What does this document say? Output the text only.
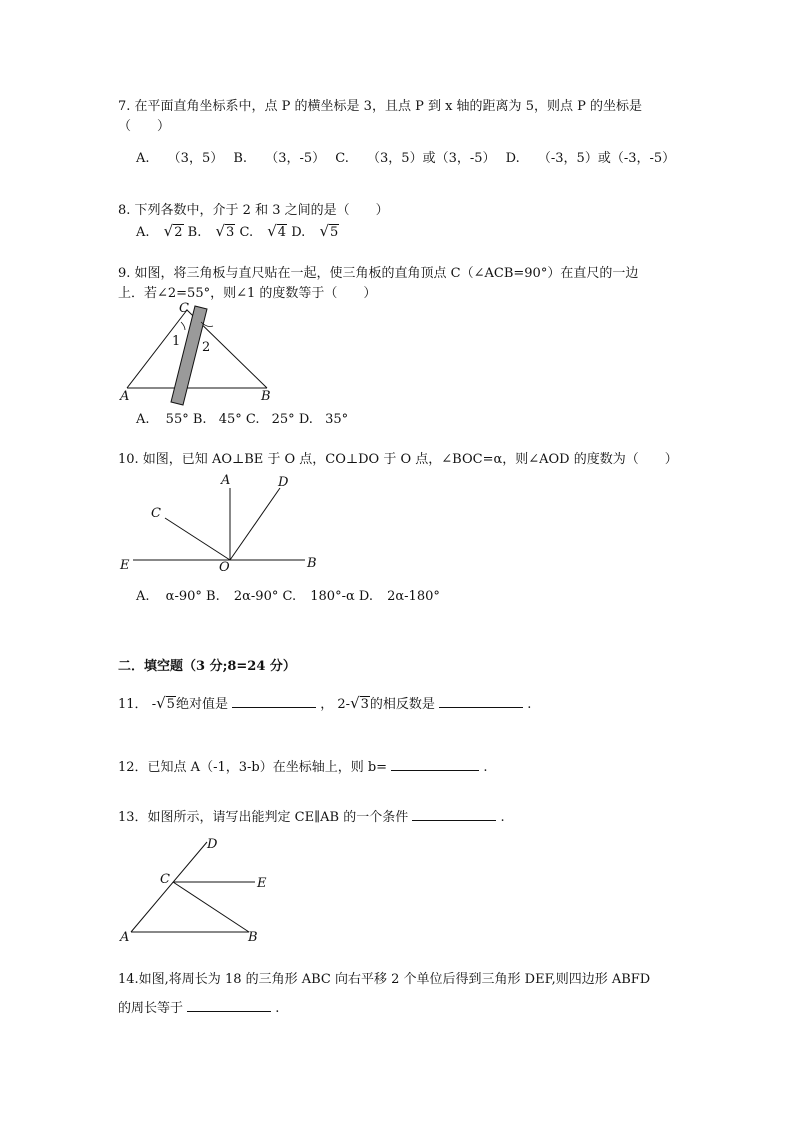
7. 在平面直角坐标系中，点 P 的横坐标是 3，且点 P 到 x 轴的距离为 5，则点 P 的坐标是
（　　）
A. （3，5） B. （3，-5） C. （3，5）或（3，-5） D. （-3，5）或（-3，-5）
8. 下列各数中，介于 2 和 3 之间的是（　　）
A. √2 B. √3 C. √4 D. √5
9. 如图，将三角板与直尺贴在一起，使三角板的直角顶点 C（∠ACB=90°）在直尺的一边
上．若∠2=55°，则∠1 的度数等于（　　）
C
1 2
A	B
A. 55° B. 45° C. 25° D. 35°
10. 如图，已知 AO⊥BE 于 O 点，CO⊥DO 于 O 点，∠BOC=α，则∠AOD 的度数为（　　）
A	D
C
E	O	B
A. α-90° B. 2α-90° C. 180°-α D. 2α-180°
二．填空题（3 分;8=24 分）
11． -√5绝对值是	， 2-√3的相反数是	.
12．已知点 A（-1，3-b）在坐标轴上，则 b=	.
13．如图所示，请写出能判定 CE∥AB 的一个条件	.
D
C	E
A	B
14.如图,将周长为 18 的三角形 ABC 向右平移 2 个单位后得到三角形 DEF,则四边形 ABFD
的周长等于	.
